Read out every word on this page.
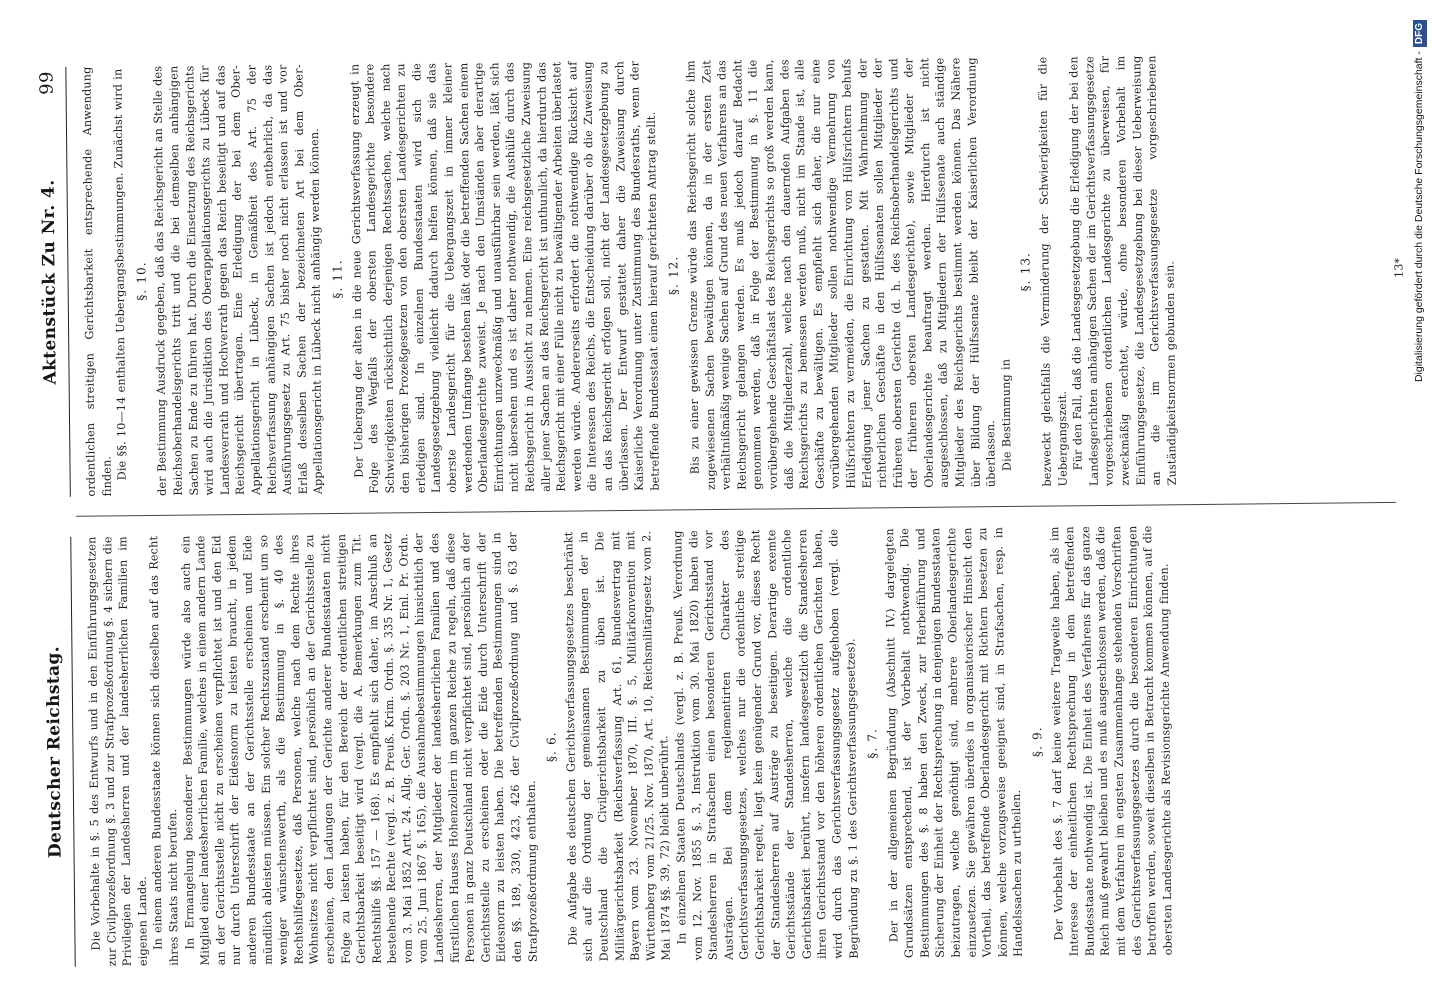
Deutscher Reichstag.
Aktenstück Zu Nr. 4.
99

Die Vorbehalte in §. 5 des Entwurfs und in den Einführungsgesetzen zur Civilprozeßordnung §. 3 und zur Strafprozeßordnung §. 4 sichern die Privilegien der Landesherren und der landesherrlichen Familien im eigenen Lande.

In einem anderen Bundesstaate können sich dieselben auf das Recht ihres Staats nicht berufen.

In Ermangelung besonderer Bestimmungen würde also auch ein Mitglied einer landesherrlichen Familie, welches in einem andern Lande an der Gerichtsstelle nicht zu erscheinen verpflichtet ist und den Eid nur durch Unterschrift der Eidesnorm zu leisten braucht, in jedem anderen Bundesstaate an der Gerichtsstelle erscheinen und Eide mündlich ableisten müssen. Ein solcher Rechtszustand erscheint um so weniger wünschenswerth, als die Bestimmung in §. 40 des Rechtshilfegesetzes, daß Personen, welche nach dem Rechte ihres Wohnsitzes nicht verpflichtet sind, persönlich an der Gerichtsstelle zu erscheinen, den Ladungen der Gerichte anderer Bundesstaaten nicht Folge zu leisten haben, für den Bereich der ordentlichen streitigen Gerichtsbarkeit beseitigt wird (vergl. die A. Bemerkungen zum Tit. Rechtshilfe §§. 157 — 168). Es empfiehlt sich daher, im Anschluß an bestehende Rechte (vergl. z. B. Preuß. Krim. Ordn. §. 335 Nr. 1, Gesetz vom 3. Mai 1852 Artt. 24. Allg. Ger. Ordn. §. 203 Nr. 1, Einl. Pr. Ordn. vom 25. Juni 1867 §. 165), die Ausnahmebestimmungen hinsichtlich der Landesherren, der Mitglieder der landesherrlichen Familien und des fürstlichen Hauses Hohenzollern im ganzen Reiche zu regeln, daß diese Personen in ganz Deutschland nicht verpflichtet sind, persönlich an der Gerichtsstelle zu erscheinen oder die Eide durch Unterschrift der Eidesnorm zu leisten haben. Die betreffenden Bestimmungen sind in den §§. 189, 330, 423, 426 der Civilprozeßordnung und §. 63 der Strafprozeßordnung enthalten.

§. 6. Die Aufgabe des deutschen Gerichtsverfassungsgesetzes beschränkt sich auf die Ordnung der gemeinsamen Bestimmungen der in Deutschland die Civilgerichtsbarkeit zu üben ist. Die Militärgerichtsbarkeit (Reichsverfassung Art. 61, Bundesvertrag mit Bayern vom 23. November 1870, III. §. 5, Militärkonvention mit Württemberg vom 21/25. Nov. 1870, Art. 10, Reichsmilitärgesetz vom 2. Mai 1874 §§. 39, 72) bleibt unberührt.

In einzelnen Staaten Deutschlands (vergl. z. B. Preuß. Verordnung vom 12. Nov. 1855 §. 3, Instruktion vom 30. Mai 1820) haben die Standesherren in Strafsachen einen besonderen Gerichtsstand vor Austrägen. Bei dem reglementirten Charakter des Gerichtsverfassungsgesetzes, welches nur die ordentliche streitige Gerichtsbarkeit regelt, liegt kein genügender Grund vor, dieses Recht der Standesherren auf Austräge zu beseitigen. Derartige exemte Gerichtsstände der Standesherren, welche die ordentliche Gerichtsbarkeit berührt, insofern landesgesetzlich die Standesherren ihren Gerichtsstand vor den höheren ordentlichen Gerichten haben, wird durch das Gerichtsverfassungsgesetz aufgehoben (vergl. die Begründung zu §. 1 des Gerichtsverfassungsgesetzes). §. 7. Der in der allgemeinen Begründung (Abschnitt IV.) dargelegten Grundsätzen entsprechend, ist der Vorbehalt nothwendig. Die Bestimmungen des §. 8 haben den Zweck, zur Herbeiführung und Sicherung der Einheit der Rechtsprechung in denjenigen Bundesstaaten beizutragen, welche genöthigt sind, mehrere Oberlandesgerichte einzusetzen. Sie gewähren überdies in organisatorischer Hinsicht den Vortheil, das betreffende Oberlandesgericht mit Richtern besetzen zu können, welche vorzugsweise geeignet sind, in Strafsachen, resp. in Handelssachen zu urtheilen.

§. 9. Der Vorbehalt des §. 7 darf keine weitere Tragweite haben, als im Interesse der einheitlichen Rechtsprechung in dem betreffenden Bundesstaate nothwendig ist. Die Einheit des Verfahrens für das ganze Reich muß gewahrt bleiben und es muß ausgeschlossen werden, daß die mit dem Verfahren im engsten Zusammenhange stehenden Vorschriften des Gerichtsverfassungsgesetzes durch die besonderen Einrichtungen betroffen werden, soweit dieselben in Betracht kommen können, auf die obersten Landesgerichte als Revisionsgerichte Anwendung finden.

ordentlichen streitigen Gerichtsbarkeit entsprechende Anwendung finden.

Die §§. 10—14 enthalten Uebergangsbestimmungen. Zunächst wird in §. 10. der Bestimmung Ausdruck gegeben, daß das Reichsgericht an Stelle des Reichsoberhandelsgerichts tritt und die bei demselben anhängigen Sachen zu Ende zu führen hat. Durch die Einsetzung des Reichsgerichts wird auch die Jurisdiktion des Oberappellationsgerichts zu Lübeck für Landesverrath und Hochverrath gegen das Reich beseitigt und auf das Reichsgericht übertragen. Eine Erledigung der bei dem Ober-Appellationsgericht in Lübeck, in Gemäßheit des Art. 75 der Reichsverfassung anhängigen Sachen ist jedoch entbehrlich, da das Ausführungsgesetz zu Art. 75 bisher noch nicht erlassen ist und vor Erlaß desselben Sachen der bezeichneten Art bei dem Ober-Appellationsgericht in Lübeck nicht anhängig werden können. §. 11. Der Uebergang der alten in die neue Gerichtsverfassung erzeugt in Folge des Wegfalls der obersten Landesgerichte besondere Schwierigkeiten rücksichtlich derjenigen Rechtssachen, welche nach den bisherigen Prozeßgesetzen von den obersten Landesgerichten zu erledigen sind. In einzelnen Bundesstaaten wird sich die Landesgesetzgebung vielleicht dadurch helfen können, daß sie das oberste Landesgericht für die Uebergangszeit in immer kleiner werdendem Umfange bestehen läßt oder die betreffenden Sachen einem Oberlandesgerichte zuweist. Je nach den Umständen aber derartige Einrichtungen unzweckmäßig und unausführbar sein werden, läßt sich nicht übersehen und es ist daher nothwendig, die Aushülfe durch das Reichsgericht in Aussicht zu nehmen. Eine reichsgesetzliche Zuweisung aller jener Sachen an das Reichsgericht ist unthunlich, da hierdurch das Reichsgericht mit einer Fülle nicht zu bewältigender Arbeiten überlastet werden würde. Andererseits erfordert die nothwendige Rücksicht auf die Interessen des Reichs, die Entscheidung darüber ob die Zuweisung an das Reichsgericht erfolgen soll, nicht der Landesgesetzgebung zu überlassen. Der Entwurf gestattet daher die Zuweisung durch Kaiserliche Verordnung unter Zustimmung des Bundesraths, wenn der betreffende Bundesstaat einen hierauf gerichteten Antrag stellt. §. 12. Bis zu einer gewissen Grenze würde das Reichsgericht solche ihm zugewiesenen Sachen bewältigen können, da in der ersten Zeit verhältnißmäßig wenige Sachen auf Grund des neuen Verfahrens an das Reichsgericht gelangen werden. Es muß jedoch darauf Bedacht genommen werden, daß in Folge der Bestimmung in §. 11 die vorübergehende Geschäftslast des Reichsgerichts so groß werden kann, daß die Mitgliederzahl, welche nach den dauernden Aufgaben des Reichsgerichts zu bemessen werden muß, nicht im Stande ist, alle Geschäfte zu bewältigen. Es empfiehlt sich daher, die nur eine vorübergehenden Mitglieder sollen nothwendige Vermehrung von Hülfsrichtern zu vermeiden, die Einrichtung von Hülfsrichtern behufs Erledigung jener Sachen zu gestatten. Mit Wahrnehmung der richterlichen Geschäfte in den Hülfssenaten sollen Mitglieder der früheren obersten Gerichte (d. h. des Reichsoberhandelsgerichts und der früheren obersten Landesgerichte), sowie Mitglieder der Oberlandesgerichte beauftragt werden. Hierdurch ist nicht ausgeschlossen, daß zu Mitgliedern der Hülfssenate auch ständige Mitglieder des Reichsgerichts bestimmt werden können. Das Nähere über Bildung der Hülfssenate bleibt der Kaiserlichen Verordnung überlassen. Die Bestimmung in

§. 13. bezweckt gleichfalls die Verminderung der Schwierigkeiten für die Uebergangszeit.

Für den Fall, daß die Landesgesetzgebung die Erledigung der bei den Landesgerichten anhängigen Sachen der im Gerichtsverfassungsgesetze vorgeschriebenen ordentlichen Landesgerichte zu überweisen, für zweckmäßig erachtet, würde, ohne besonderen Vorbehalt im Einführungsgesetze, die Landesgesetzgebung bei dieser Ueberweisung an die im Gerichtsverfassungsgesetze vorgeschriebenen Zuständigkeitsnormen gebunden sein.	13* Digitalisierung gefördert durch die Deutsche Forschungsgemeinschaft -DFG
